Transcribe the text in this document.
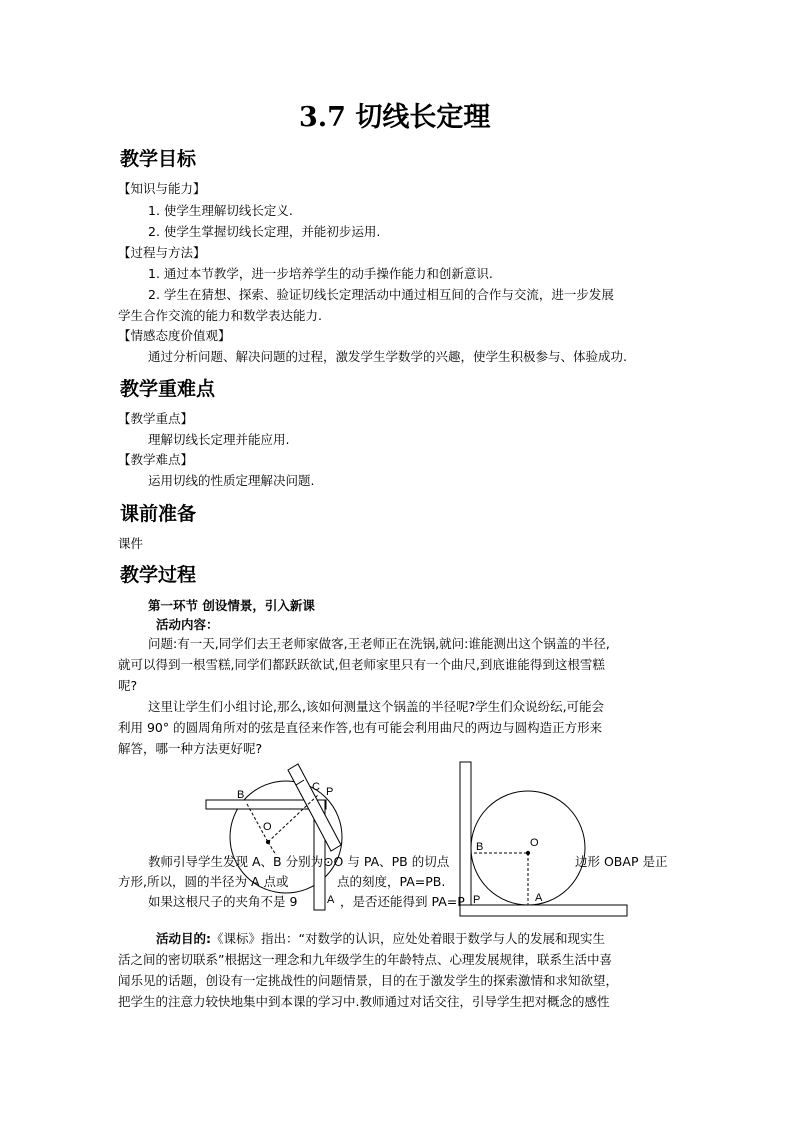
3.7 切线长定理
教学目标
【知识与能力】
1. 使学生理解切线长定义.
2. 使学生掌握切线长定理，并能初步运用.
【过程与方法】
1. 通过本节教学，进一步培养学生的动手操作能力和创新意识.
2. 学生在猜想、探索、验证切线长定理活动中通过相互间的合作与交流，进一步发展
学生合作交流的能力和数学表达能力.
【情感态度价值观】
通过分析问题、解决问题的过程，激发学生学数学的兴趣，使学生积极参与、体验成功.
教学重难点
【教学重点】
理解切线长定理并能应用.
【教学难点】
运用切线的性质定理解决问题.
课前准备
课件
教学过程
第一环节 创设情景，引入新课
活动内容：
问题:有一天,同学们去王老师家做客,王老师正在洗锅,就问:谁能测出这个锅盖的半径,
就可以得到一根雪糕,同学们都跃跃欲试,但老师家里只有一个曲尺,到底谁能得到这根雪糕
呢?
这里让学生们小组讨论,那么,该如何测量这个锅盖的半径呢?学生们众说纷纭,可能会
利用 90° 的圆周角所对的弦是直径来作答,也有可能会利用曲尺的两边与圆构造正方形来
解答，哪一种方法更好呢?
B
C P
O
A
O
B
A
P
教师引导学生发现 A、B 分别为⊙O 与 PA、PB 的切点	边形 OBAP 是正
方形,所以，圆的半径为 A 点或	点的刻度，PA=PB.
如果这根尺子的夹角不是 9	，是否还能得到 PA=P
活动目的:《课标》指出：“对数学的认识，应处处着眼于数学与人的发展和现实生
活之间的密切联系”根据这一理念和九年级学生的年龄特点、心理发展规律，联系生活中喜
闻乐见的话题，创设有一定挑战性的问题情景，目的在于激发学生的探索激情和求知欲望，
把学生的注意力较快地集中到本课的学习中.教师通过对话交往，引导学生把对概念的感性
